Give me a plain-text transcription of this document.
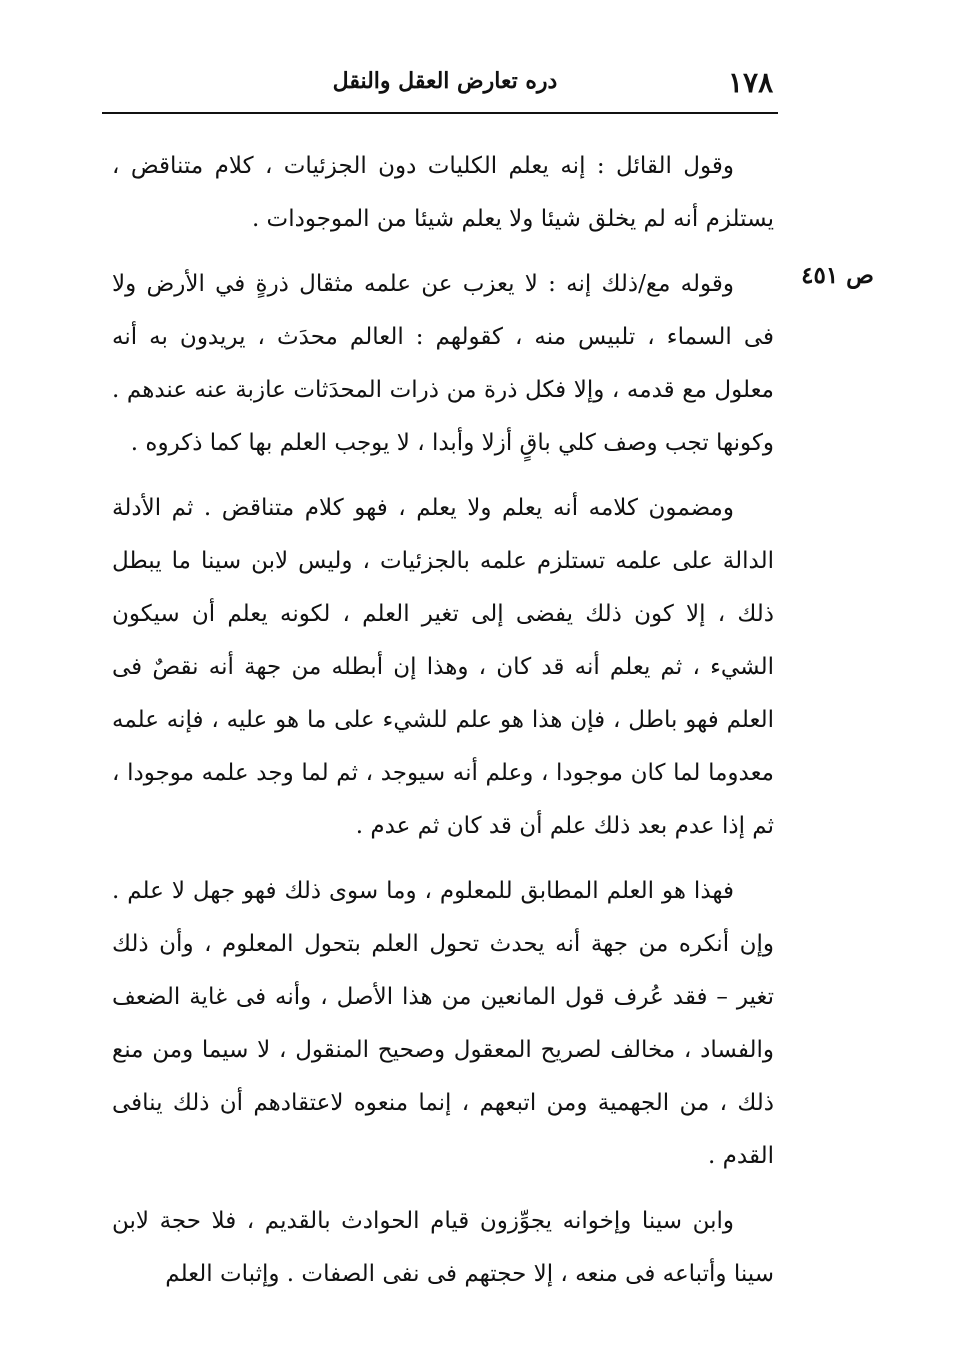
١٧٨
دره تعارض العقل والنقل
ص ٤٥١

وقول القائل : إنه يعلم الكليات دون الجزئيات ، كلام متناقض ، يستلزم أنه لم يخلق شيئا ولا يعلم شيئا من الموجودات .

وقوله مع/ذلك إنه : لا يعزب عن علمه مثقال ذرةٍ في الأرض ولا فى السماء ، تلبيس منه ، كقولهم : العالم محدَث ، يريدون به أنه معلول مع قدمه ، وإلا فكل ذرة من ذرات المحدَثات عازبة عنه عندهم . وكونها تجب وصف كلي باقٍ أزلا وأبدا ، لا يوجب العلم بها كما ذكروه .

ومضمون كلامه أنه يعلم ولا يعلم ، فهو كلام متناقض . ثم الأدلة الدالة على علمه تستلزم علمه بالجزئيات ، وليس لابن سينا ما يبطل ذلك ، إلا كون ذلك يفضى إلى تغير العلم ، لكونه يعلم أن سيكون الشيء ، ثم يعلم أنه قد كان ، وهذا إن أبطله من جهة أنه نقصٌ فى العلم فهو باطل ، فإن هذا هو علم للشيء على ما هو عليه ، فإنه علمه معدوما لما كان موجودا ، وعلم أنه سيوجد ، ثم لما وجد علمه موجودا ، ثم إذا عدم بعد ذلك علم أن قد كان ثم عدم .

فهذا هو العلم المطابق للمعلوم ، وما سوى ذلك فهو جهل لا علم . وإن أنكره من جهة أنه يحدث تحول العلم بتحول المعلوم ، وأن ذلك تغير – فقد عُرف قول المانعين من هذا الأصل ، وأنه فى غاية الضعف والفساد ، مخالف لصريح المعقول وصحيح المنقول ، لا سيما ومن منع ذلك ، من الجهمية ومن اتبعهم ، إنما منعوه لاعتقادهم أن ذلك ينافى القدم .

وابن سينا وإخوانه يجوِّزون قيام الحوادث بالقديم ، فلا حجة لابن سينا وأتباعه فى منعه ، إلا حجتهم فى نفى الصفات . وإثبات العلم
